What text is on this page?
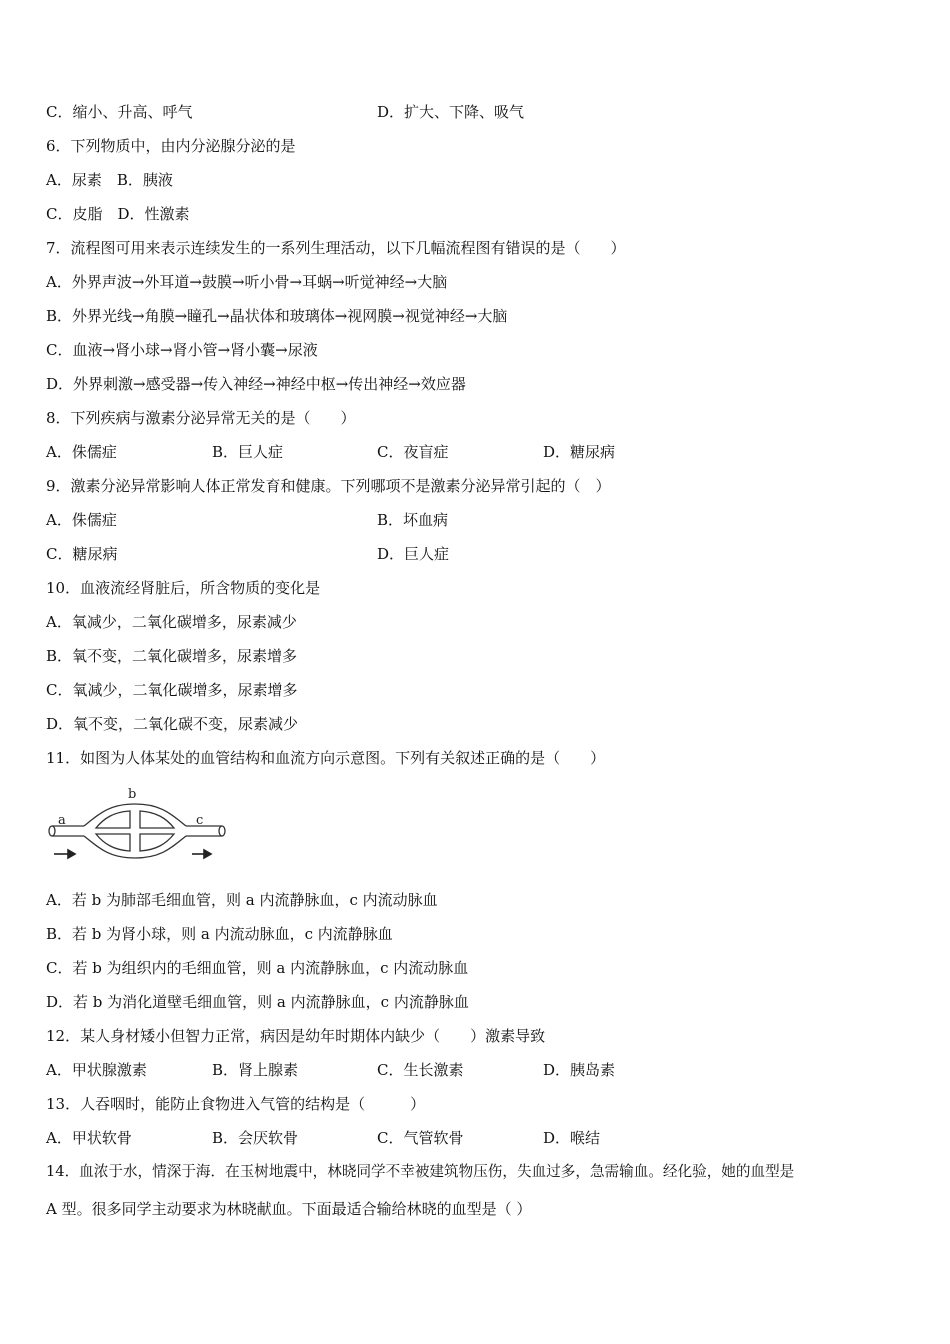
C．缩小、升高、呼气	D．扩大、下降、吸气
6．下列物质中，由内分泌腺分泌的是
A．尿素　B．胰液
C．皮脂　D．性激素
7．流程图可用来表示连续发生的一系列生理活动，以下几幅流程图有错误的是（　　）
A．外界声波→外耳道→鼓膜→听小骨→耳蜗→听觉神经→大脑
B．外界光线→角膜→瞳孔→晶状体和玻璃体→视网膜→视觉神经→大脑
C．血液→肾小球→肾小管→肾小囊→尿液
D．外界刺激→感受器→传入神经→神经中枢→传出神经→效应器
8．下列疾病与激素分泌异常无关的是（　　）
A．侏儒症	B．巨人症	C．夜盲症	D．糖尿病
9．激素分泌异常影响人体正常发育和健康。下列哪项不是激素分泌异常引起的（　）
A．侏儒症	B．坏血病
C．糖尿病	D．巨人症
10．血液流经肾脏后，所含物质的变化是
A．氧减少，二氧化碳增多，尿素减少
B．氧不变，二氧化碳增多，尿素增多
C．氧减少，二氧化碳增多，尿素增多
D．氧不变，二氧化碳不变，尿素减少
11．如图为人体某处的血管结构和血流方向示意图。下列有关叙述正确的是（　　）
a
b
c
A．若 b 为肺部毛细血管，则 a 内流静脉血，c 内流动脉血
B．若 b 为肾小球，则 a 内流动脉血，c 内流静脉血
C．若 b 为组织内的毛细血管，则 a 内流静脉血，c 内流动脉血
D．若 b 为消化道壁毛细血管，则 a 内流静脉血，c 内流静脉血
12．某人身材矮小但智力正常，病因是幼年时期体内缺少（　　）激素导致
A．甲状腺激素	B．肾上腺素	C．生长激素	D．胰岛素
13．人吞咽时，能防止食物进入气管的结构是（　　　）
A．甲状软骨	B．会厌软骨	C．气管软骨	D．喉结
14．血浓于水，情深于海．在玉树地震中，林晓同学不幸被建筑物压伤，失血过多，急需输血。经化验，她的血型是
A 型。很多同学主动要求为林晓献血。下面最适合输给林晓的血型是（ ）
